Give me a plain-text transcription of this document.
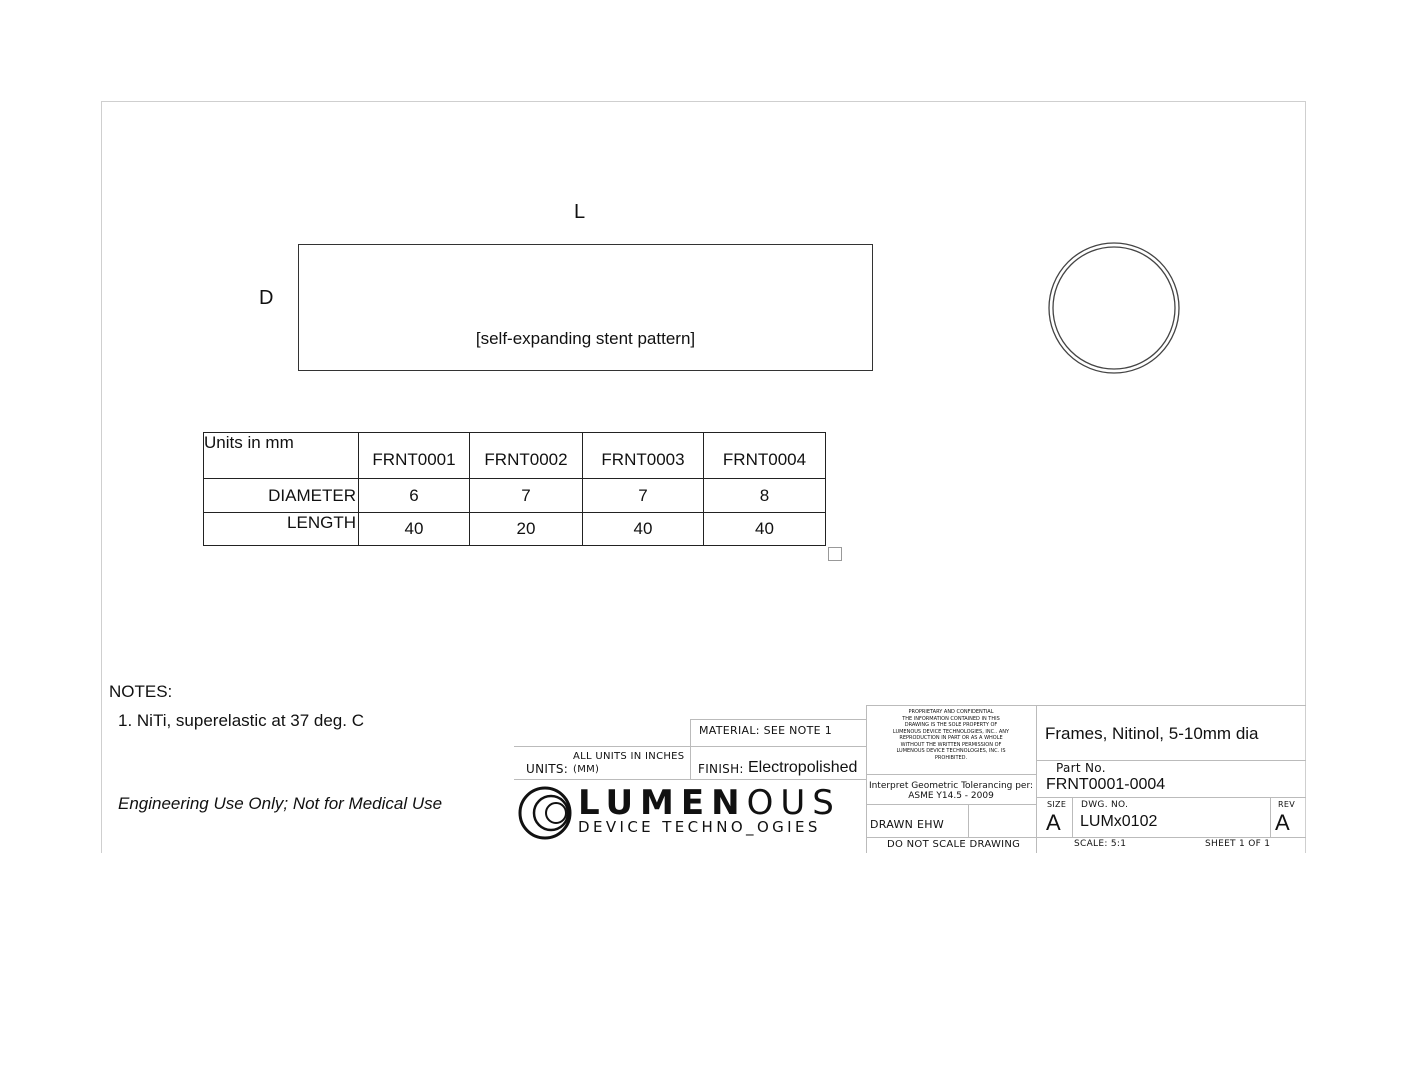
L
D
[self-expanding stent pattern]
Units in mm	FRNT0001	FRNT0002	FRNT0003	FRNT0004
DIAMETER	6	7	7	8
LENGTH	40	20	40	40
NOTES:
1. NiTi, superelastic at 37 deg. C
Engineering Use Only; Not for Medical Use
MATERIAL: SEE NOTE 1
UNITS:
ALL UNITS IN INCHES
(MM)	FINISH: Electropolished
PROPRIETARY AND CONFIDENTIAL
THE INFORMATION CONTAINED IN THIS
DRAWING IS THE SOLE PROPERTY OF
LUMENOUS DEVICE TECHNOLOGIES, INC.. ANY
REPRODUCTION IN PART OR AS A WHOLE
WITHOUT THE WRITTEN PERMISSION OF
LUMENOUS DEVICE TECHNOLOGIES, INC. IS
PROHIBITED.
Interpret Geometric Tolerancing per:
ASME Y14.5 - 2009
DRAWN EHW
DO NOT SCALE DRAWING
Frames, Nitinol, 5-10mm dia
Part No.
FRNT0001-0004
SIZE
A
DWG. NO.
LUMx0102
REV
A
SCALE: 5:1	SHEET 1 OF 1
LUMENOUS
DEVICE TECHNO_OGIES
